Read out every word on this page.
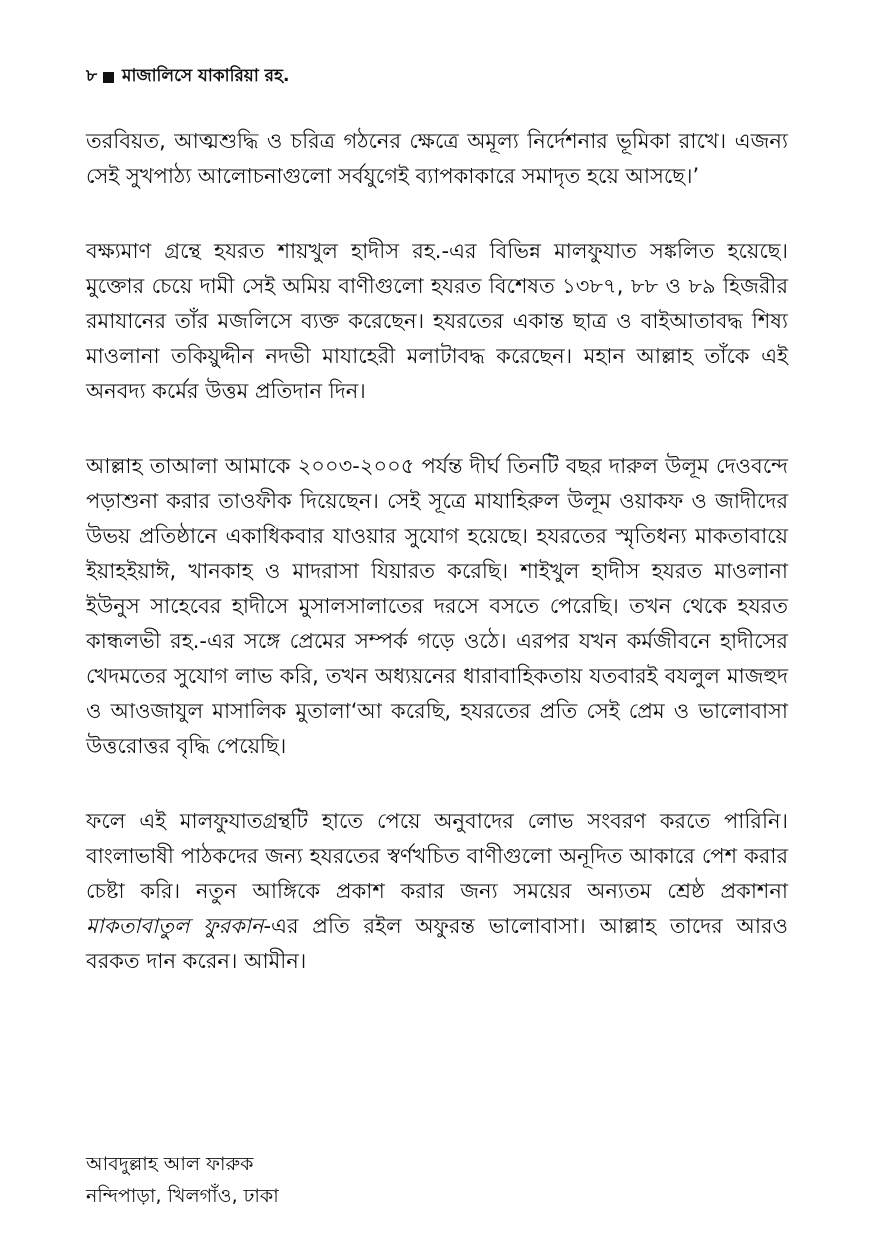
৮ মাজালিসে যাকারিয়া রহ.

তরবিয়ত, আত্মশুদ্ধি ও চরিত্র গঠনের ক্ষেত্রে অমূল্য নির্দেশনার ভূমিকা রাখে। এজন্য সেই সুখপাঠ্য আলোচনাগুলো সর্বযুগেই ব্যাপকাকারে সমাদৃত হয়ে আসছে।’

বক্ষ্যমাণ গ্রন্থে হযরত শায়খুল হাদীস রহ.-এর বিভিন্ন মালফুযাত সঙ্কলিত হয়েছে। মুক্তোর চেয়ে দামী সেই অমিয় বাণীগুলো হযরত বিশেষত ১৩৮৭, ৮৮ ও ৮৯ হিজরীর রমাযানের তাঁর মজলিসে ব্যক্ত করেছেন। হযরতের একান্ত ছাত্র ও বাইআতাবদ্ধ শিষ্য মাওলানা তকিয়ুদ্দীন নদভী মাযাহেরী মলাটাবদ্ধ করেছেন। মহান আল্লাহ তাঁকে এই অনবদ্য কর্মের উত্তম প্রতিদান দিন।

আল্লাহ তাআলা আমাকে ২০০৩-২০০৫ পর্যন্ত দীর্ঘ তিনটি বছর দারুল উলূম দেওবন্দে পড়াশুনা করার তাওফীক দিয়েছেন। সেই সূত্রে মাযাহিরুল উলূম ওয়াকফ ও জাদীদের উভয় প্রতিষ্ঠানে একাধিকবার যাওয়ার সুযোগ হয়েছে। হযরতের স্মৃতিধন্য মাকতাবায়ে ইয়াহইয়াঈ, খানকাহ ও মাদরাসা যিয়ারত করেছি। শাইখুল হাদীস হযরত মাওলানা ইউনুস সাহেবের হাদীসে মুসালসালাতের দরসে বসতে পেরেছি। তখন থেকে হযরত কান্ধলভী রহ.-এর সঙ্গে প্রেমের সম্পর্ক গড়ে ওঠে। এরপর যখন কর্মজীবনে হাদীসের খেদমতের সুযোগ লাভ করি, তখন অধ্যয়নের ধারাবাহিকতায় যতবারই বযলুল মাজহুদ ও আওজাযুল মাসালিক মুতালা‘আ করেছি, হযরতের প্রতি সেই প্রেম ও ভালোবাসা উত্তরোত্তর বৃদ্ধি পেয়েছি।

ফলে এই মালফুযাতগ্রন্থটি হাতে পেয়ে অনুবাদের লোভ সংবরণ করতে পারিনি। বাংলাভাষী পাঠকদের জন্য হযরতের স্বর্ণখচিত বাণীগুলো অনূদিত আকারে পেশ করার চেষ্টা করি। নতুন আঙ্গিকে প্রকাশ করার জন্য সময়ের অন্যতম শ্রেষ্ঠ প্রকাশনা মাকতাবাতুল ফুরকান-এর প্রতি রইল অফুরন্ত ভালোবাসা। আল্লাহ তাদের আরও বরকত দান করেন। আমীন।

আবদুল্লাহ আল ফারুক
নন্দিপাড়া, খিলগাঁও, ঢাকা
